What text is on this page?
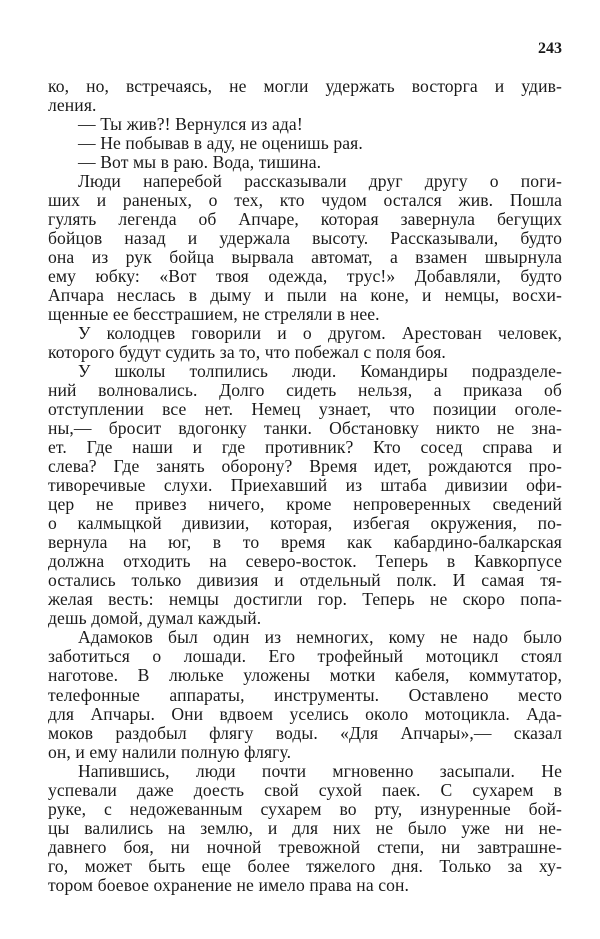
243
ко, но, встречаясь, не могли удержать восторга и удив-
ления.
— Ты жив?! Вернулся из ада!
— Не побывав в аду, не оценишь рая.
— Вот мы в раю. Вода, тишина.
Люди наперебой рассказывали друг другу о поги-
ших и раненых, о тех, кто чудом остался жив. Пошла
гулять легенда об Апчаре, которая завернула бегущих
бойцов назад и удержала высоту. Рассказывали, будто
она из рук бойца вырвала автомат, а взамен швырнула
ему юбку: «Вот твоя одежда, трус!» Добавляли, будто
Апчара неслась в дыму и пыли на коне, и немцы, восхи-
щенные ее бесстрашием, не стреляли в нее.
У колодцев говорили и о другом. Арестован человек,
которого будут судить за то, что побежал с поля боя.
У школы толпились люди. Командиры подразделе-
ний волновались. Долго сидеть нельзя, а приказа об
отступлении все нет. Немец узнает, что позиции оголе-
ны,— бросит вдогонку танки. Обстановку никто не зна-
ет. Где наши и где противник? Кто сосед справа и
слева? Где занять оборону? Время идет, рождаются про-
тиворечивые слухи. Приехавший из штаба дивизии офи-
цер не привез ничего, кроме непроверенных сведений
о калмыцкой дивизии, которая, избегая окружения, по-
вернула на юг, в то время как кабардино-балкарская
должна отходить на северо-восток. Теперь в Кавкорпусе
остались только дивизия и отдельный полк. И самая тя-
желая весть: немцы достигли гор. Теперь не скоро попа-
дешь домой, думал каждый.
Адамоков был один из немногих, кому не надо было
заботиться о лошади. Его трофейный мотоцикл стоял
наготове. В люльке уложены мотки кабеля, коммутатор,
телефонные аппараты, инструменты. Оставлено место
для Апчары. Они вдвоем уселись около мотоцикла. Ада-
моков раздобыл флягу воды. «Для Апчары»,— сказал
он, и ему налили полную флягу.
Напившись, люди почти мгновенно засыпали. Не
успевали даже доесть свой сухой паек. С сухарем в
руке, с недожеванным сухарем во рту, изнуренные бой-
цы валились на землю, и для них не было уже ни не-
давнего боя, ни ночной тревожной степи, ни завтрашне-
го, может быть еще более тяжелого дня. Только за ху-
тором боевое охранение не имело права на сон.
